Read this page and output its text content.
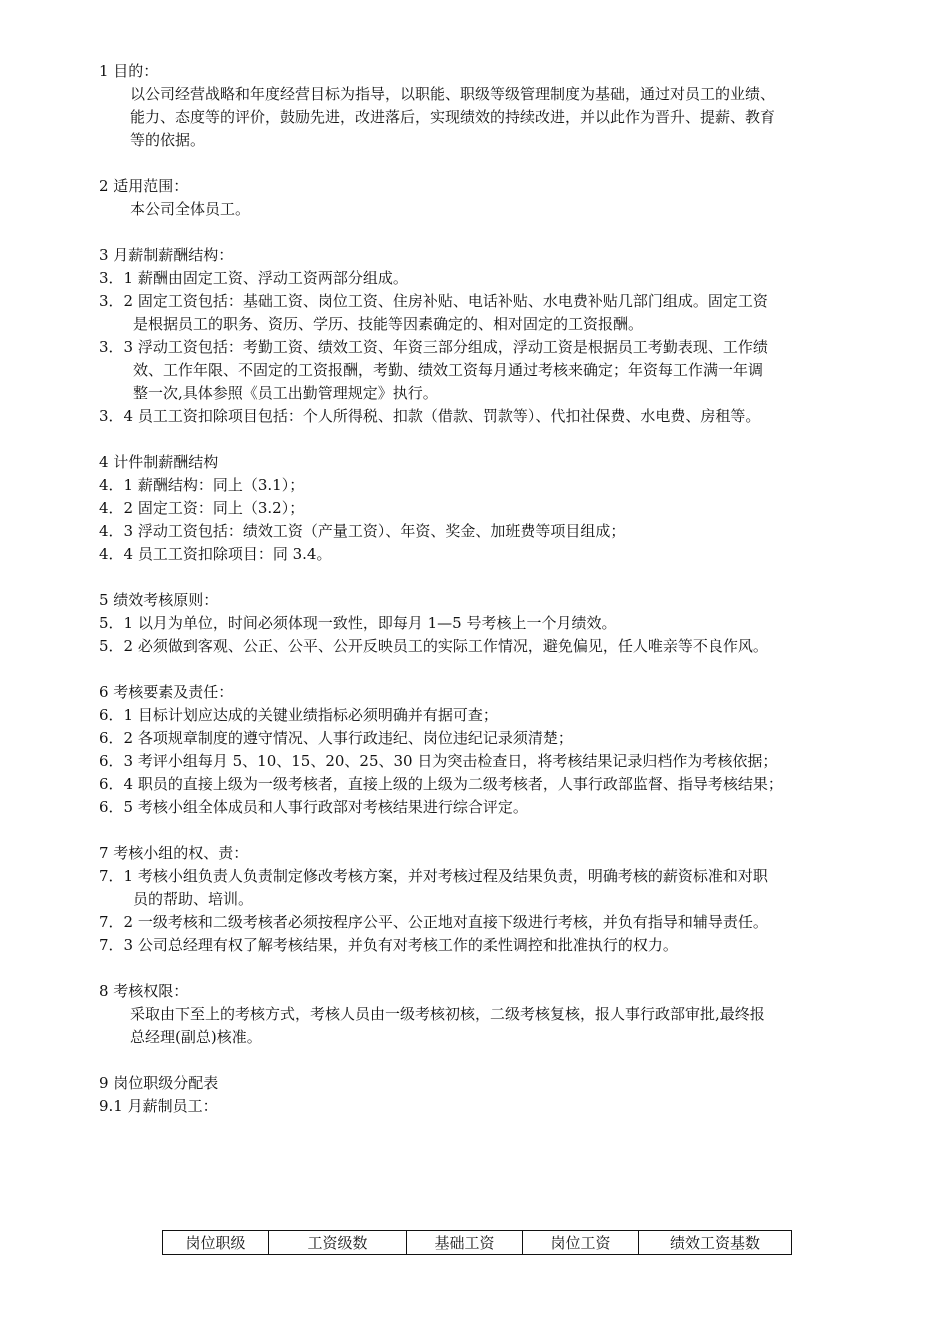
1 目的：
以公司经营战略和年度经营目标为指导，以职能、职级等级管理制度为基础，通过对员工的业绩、
能力、态度等的评价，鼓励先进，改进落后，实现绩效的持续改进，并以此作为晋升、提薪、教育
等的依据。
2 适用范围：
本公司全体员工。
3 月薪制薪酬结构：
3．1 薪酬由固定工资、浮动工资两部分组成。
3．2 固定工资包括：基础工资、岗位工资、住房补贴、电话补贴、水电费补贴几部门组成。固定工资
是根据员工的职务、资历、学历、技能等因素确定的、相对固定的工资报酬。
3．3 浮动工资包括：考勤工资、绩效工资、年资三部分组成，浮动工资是根据员工考勤表现、工作绩
效、工作年限、不固定的工资报酬，考勤、绩效工资每月通过考核来确定；年资每工作满一年调
整一次,具体参照《员工出勤管理规定》执行。
3．4 员工工资扣除项目包括：个人所得税、扣款（借款、罚款等）、代扣社保费、水电费、房租等。
4 计件制薪酬结构
4．1 薪酬结构：同上（3.1）；
4．2 固定工资：同上（3.2）；
4．3 浮动工资包括：绩效工资（产量工资）、年资、奖金、加班费等项目组成；
4．4 员工工资扣除项目：同 3.4。
5 绩效考核原则：
5．1 以月为单位，时间必须体现一致性，即每月 1—5 号考核上一个月绩效。
5．2 必须做到客观、公正、公平、公开反映员工的实际工作情况，避免偏见，任人唯亲等不良作风。
6 考核要素及责任：
6．1 目标计划应达成的关键业绩指标必须明确并有据可查；
6．2 各项规章制度的遵守情况、人事行政违纪、岗位违纪记录须清楚；
6．3 考评小组每月 5、10、15、20、25、30 日为突击检查日，将考核结果记录归档作为考核依据；
6．4 职员的直接上级为一级考核者，直接上级的上级为二级考核者，人事行政部监督、指导考核结果；
6．5 考核小组全体成员和人事行政部对考核结果进行综合评定。
7 考核小组的权、责：
7．1 考核小组负责人负责制定修改考核方案，并对考核过程及结果负责，明确考核的薪资标准和对职
员的帮助、培训。
7．2 一级考核和二级考核者必须按程序公平、公正地对直接下级进行考核，并负有指导和辅导责任。
7．3 公司总经理有权了解考核结果，并负有对考核工作的柔性调控和批准执行的权力。
8 考核权限：
采取由下至上的考核方式，考核人员由一级考核初核，二级考核复核，报人事行政部审批,最终报
总经理(副总)核准。
9 岗位职级分配表
9.1 月薪制员工：
岗位职级	工资级数	基础工资	岗位工资	绩效工资基数
